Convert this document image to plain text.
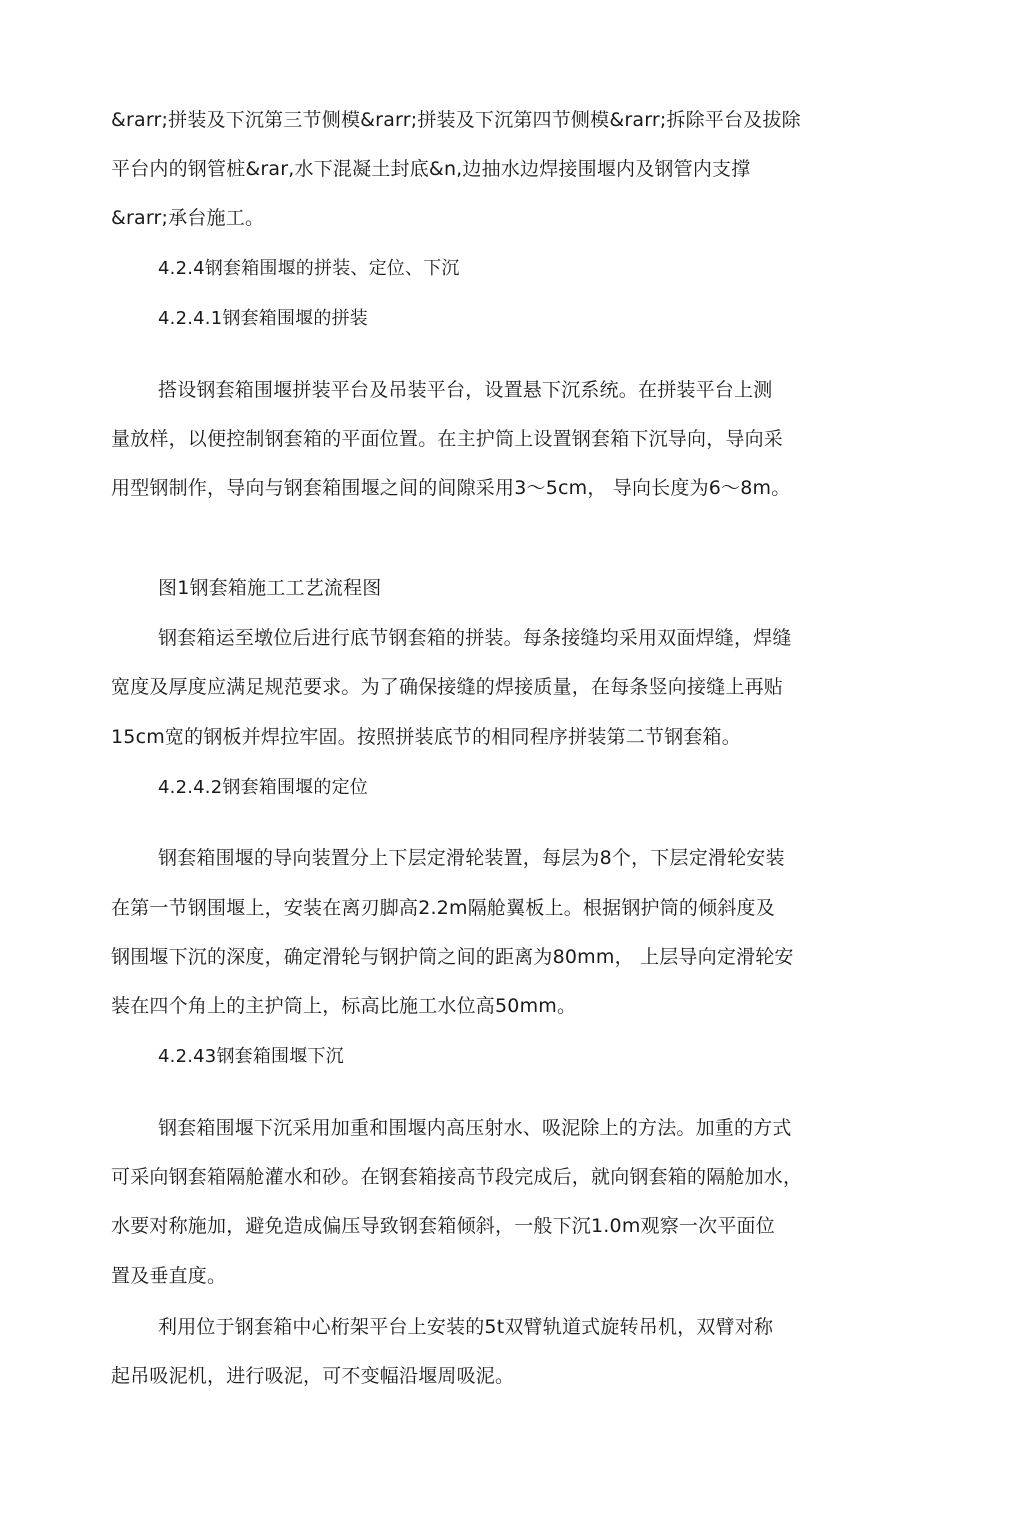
&rarr;拼装及下沉第三节侧模&rarr;拼装及下沉第四节侧模&rarr;拆除平台及拔除
平台内的钢管桩&rar,水下混凝土封底&n,边抽水边焊接围堰内及钢管内支撑
&rarr;承台施工。
4.2.4钢套箱围堰的拼装、定位、下沉
4.2.4.1钢套箱围堰的拼装
搭设钢套箱围堰拼装平台及吊装平台，设置悬下沉系统。在拼装平台上测
量放样，以便控制钢套箱的平面位置。在主护筒上设置钢套箱下沉导向，导向采
用型钢制作，导向与钢套箱围堰之间的间隙采用3～5cm， 导向长度为6～8m。
图1钢套箱施工工艺流程图
钢套箱运至墩位后进行底节钢套箱的拼装。每条接缝均采用双面焊缝，焊缝
宽度及厚度应满足规范要求。为了确保接缝的焊接质量，在每条竖向接缝上再贴
15cm宽的钢板并焊拉牢固。按照拼装底节的相同程序拼装第二节钢套箱。
4.2.4.2钢套箱围堰的定位
钢套箱围堰的导向装置分上下层定滑轮装置，每层为8个，下层定滑轮安装
在第一节钢围堰上，安装在离刃脚高2.2m隔舱翼板上。根据钢护筒的倾斜度及
钢围堰下沉的深度，确定滑轮与钢护筒之间的距离为80mm， 上层导向定滑轮安
装在四个角上的主护筒上，标高比施工水位高50mm。
4.2.43钢套箱围堰下沉
钢套箱围堰下沉采用加重和围堰内高压射水、吸泥除上的方法。加重的方式
可采向钢套箱隔舱灌水和砂。在钢套箱接高节段完成后，就向钢套箱的隔舱加水，
水要对称施加，避免造成偏压导致钢套箱倾斜，一般下沉1.0m观察一次平面位
置及垂直度。
利用位于钢套箱中心桁架平台上安装的5t双臂轨道式旋转吊机，双臂对称
起吊吸泥机，进行吸泥，可不变幅沿堰周吸泥。
